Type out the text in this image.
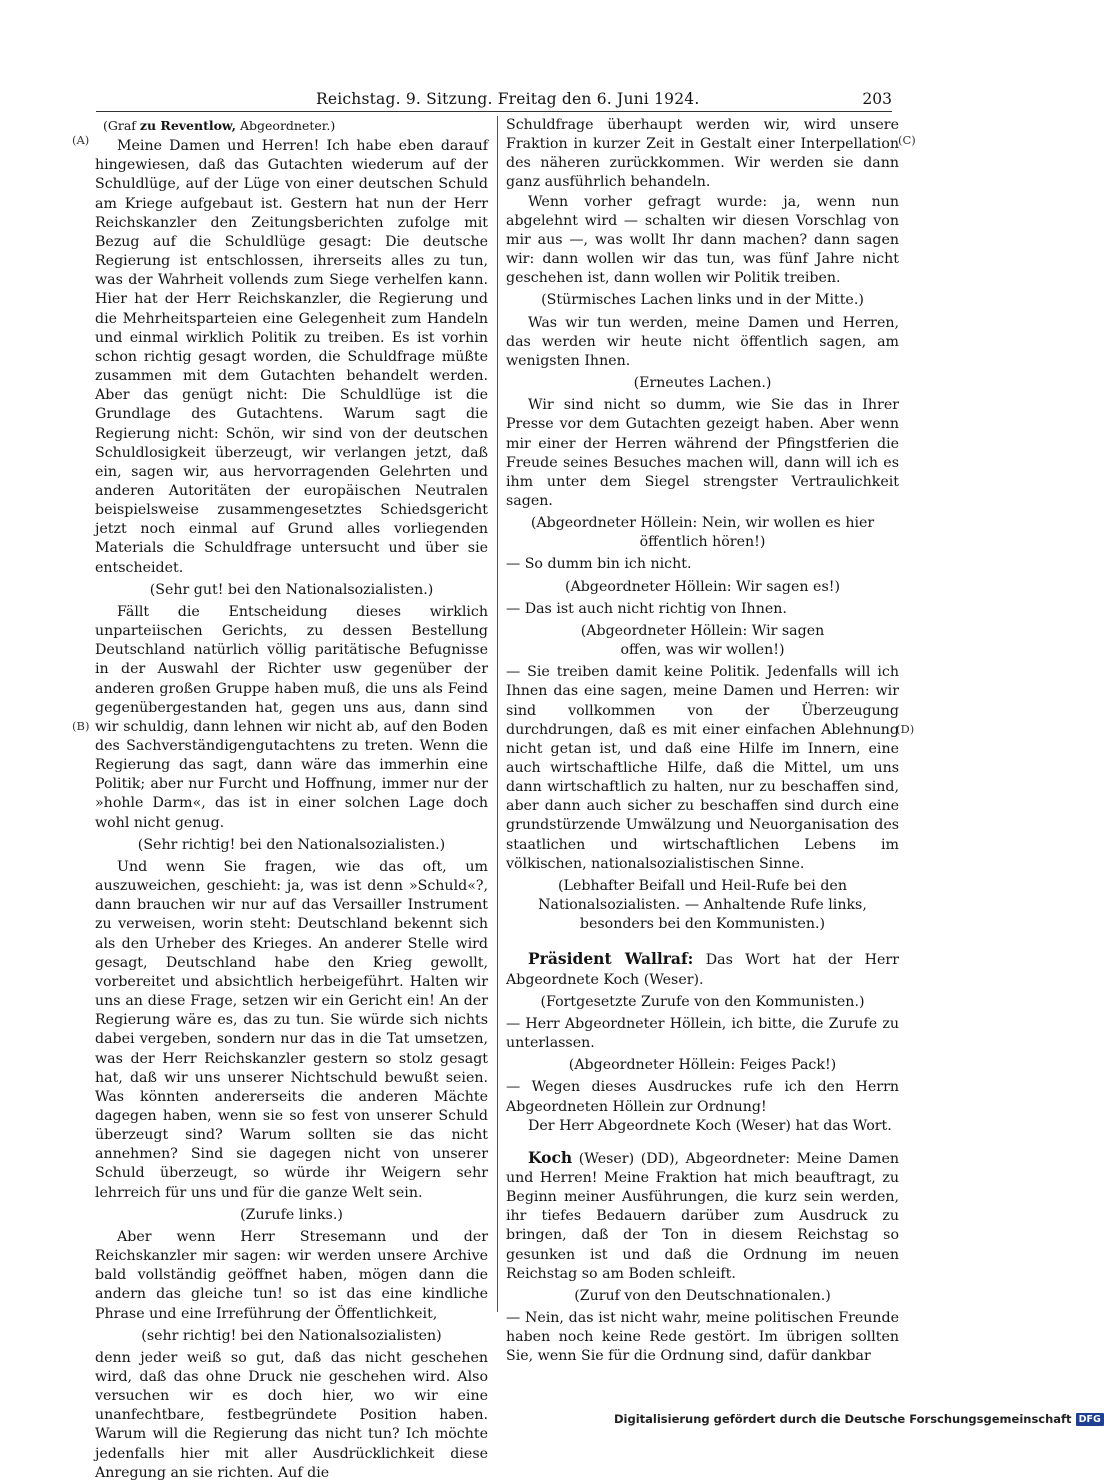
Reichstag. 9. Sitzung. Freitag den 6. Juni 1924.	203
(A)
(B)
(C)
(D)
(Graf zu Reventlow, Abgeordneter.)

Meine Damen und Herren! Ich habe eben darauf hingewiesen, daß das Gutachten wiederum auf der Schuldlüge, auf der Lüge von einer deutschen Schuld am Kriege aufgebaut ist. Gestern hat nun der Herr Reichskanzler den Zeitungsberichten zufolge mit Bezug auf die Schuldlüge gesagt: Die deutsche Regierung ist entschlossen, ihrerseits alles zu tun, was der Wahrheit vollends zum Siege verhelfen kann. Hier hat der Herr Reichskanzler, die Regierung und die Mehrheitsparteien eine Gelegenheit zum Handeln und einmal wirklich Politik zu treiben. Es ist vorhin schon richtig gesagt worden, die Schuldfrage müßte zusammen mit dem Gutachten behandelt werden. Aber das genügt nicht: Die Schuldlüge ist die Grundlage des Gutachtens. Warum sagt die Regierung nicht: Schön, wir sind von der deutschen Schuldlosigkeit überzeugt, wir verlangen jetzt, daß ein, sagen wir, aus hervorragenden Gelehrten und anderen Autoritäten der europäischen Neutralen beispielsweise zusammengesetztes Schiedsgericht jetzt noch einmal auf Grund alles vorliegenden Materials die Schuldfrage untersucht und über sie entscheidet.

(Sehr gut! bei den Nationalsozialisten.)

Fällt die Entscheidung dieses wirklich unparteiischen Gerichts, zu dessen Bestellung Deutschland natürlich völlig paritätische Befugnisse in der Auswahl der Richter usw gegenüber der anderen großen Gruppe haben muß, die uns als Feind gegenübergestanden hat, gegen uns aus, dann sind wir schuldig, dann lehnen wir nicht ab, auf den Boden des Sachverständigengutachtens zu treten. Wenn die Regierung das sagt, dann wäre das immerhin eine Politik; aber nur Furcht und Hoffnung, immer nur der »hohle Darm«, das ist in einer solchen Lage doch wohl nicht genug.

(Sehr richtig! bei den Nationalsozialisten.)

Und wenn Sie fragen, wie das oft, um auszuweichen, geschieht: ja, was ist denn »Schuld«?, dann brauchen wir nur auf das Versailler Instrument zu verweisen, worin steht: Deutschland bekennt sich als den Urheber des Krieges. An anderer Stelle wird gesagt, Deutschland habe den Krieg gewollt, vorbereitet und absichtlich herbeigeführt. Halten wir uns an diese Frage, setzen wir ein Gericht ein! An der Regierung wäre es, das zu tun. Sie würde sich nichts dabei vergeben, sondern nur das in die Tat umsetzen, was der Herr Reichskanzler gestern so stolz gesagt hat, daß wir uns unserer Nichtschuld bewußt seien. Was könnten andererseits die anderen Mächte dagegen haben, wenn sie so fest von unserer Schuld überzeugt sind? Warum sollten sie das nicht annehmen? Sind sie dagegen nicht von unserer Schuld überzeugt, so würde ihr Weigern sehr lehrreich für uns und für die ganze Welt sein.

(Zurufe links.)

Aber wenn Herr Stresemann und der Reichskanzler mir sagen: wir werden unsere Archive bald vollständig geöffnet haben, mögen dann die andern das gleiche tun! so ist das eine kindliche Phrase und eine Irreführung der Öffentlichkeit,

(sehr richtig! bei den Nationalsozialisten)

denn jeder weiß so gut, daß das nicht geschehen wird, daß das ohne Druck nie geschehen wird. Also versuchen wir es doch hier, wo wir eine unanfechtbare, festbegründete Position haben. Warum will die Regierung das nicht tun? Ich möchte jedenfalls hier mit aller Ausdrücklichkeit diese Anregung an sie richten. Auf die

Schuldfrage überhaupt werden wir, wird unsere Fraktion in kurzer Zeit in Gestalt einer Interpellation des näheren zurückkommen. Wir werden sie dann ganz ausführlich behandeln.

Wenn vorher gefragt wurde: ja, wenn nun abgelehnt wird — schalten wir diesen Vorschlag von mir aus —, was wollt Ihr dann machen? dann sagen wir: dann wollen wir das tun, was fünf Jahre nicht geschehen ist, dann wollen wir Politik treiben.

(Stürmisches Lachen links und in der Mitte.)

Was wir tun werden, meine Damen und Herren, das werden wir heute nicht öffentlich sagen, am wenigsten Ihnen.

(Erneutes Lachen.)

Wir sind nicht so dumm, wie Sie das in Ihrer Presse vor dem Gutachten gezeigt haben. Aber wenn mir einer der Herren während der Pfingstferien die Freude seines Besuches machen will, dann will ich es ihm unter dem Siegel strengster Vertraulichkeit sagen.

(Abgeordneter Höllein: Nein, wir wollen es hier öffentlich hören!)

— So dumm bin ich nicht.

(Abgeordneter Höllein: Wir sagen es!)

— Das ist auch nicht richtig von Ihnen.

(Abgeordneter Höllein: Wir sagen offen, was wir wollen!)

— Sie treiben damit keine Politik. Jedenfalls will ich Ihnen das eine sagen, meine Damen und Herren: wir sind vollkommen von der Überzeugung durchdrungen, daß es mit einer einfachen Ablehnung nicht getan ist, und daß eine Hilfe im Innern, eine auch wirtschaftliche Hilfe, daß die Mittel, um uns dann wirtschaftlich zu halten, nur zu beschaffen sind, aber dann auch sicher zu beschaffen sind durch eine grundstürzende Umwälzung und Neuorganisation des staatlichen und wirtschaftlichen Lebens im völkischen, nationalsozialistischen Sinne.

(Lebhafter Beifall und Heil-Rufe bei den Nationalsozialisten. — Anhaltende Rufe links, besonders bei den Kommunisten.)

Präsident Wallraf: Das Wort hat der Herr Abgeordnete Koch (Weser).

(Fortgesetzte Zurufe von den Kommunisten.)

— Herr Abgeordneter Höllein, ich bitte, die Zurufe zu unterlassen.

(Abgeordneter Höllein: Feiges Pack!)

— Wegen dieses Ausdruckes rufe ich den Herrn Abgeordneten Höllein zur Ordnung!

Der Herr Abgeordnete Koch (Weser) hat das Wort.

Koch (Weser) (DD), Abgeordneter: Meine Damen und Herren! Meine Fraktion hat mich beauftragt, zu Beginn meiner Ausführungen, die kurz sein werden, ihr tiefes Bedauern darüber zum Ausdruck zu bringen, daß der Ton in diesem Reichstag so gesunken ist und daß die Ordnung im neuen Reichstag so am Boden schleift.

(Zuruf von den Deutschnationalen.)

— Nein, das ist nicht wahr, meine politischen Freunde haben noch keine Rede gestört. Im übrigen sollten Sie, wenn Sie für die Ordnung sind, dafür dankbar

Digitalisierung gefördert durch die Deutsche Forschungsgemeinschaft DFG
